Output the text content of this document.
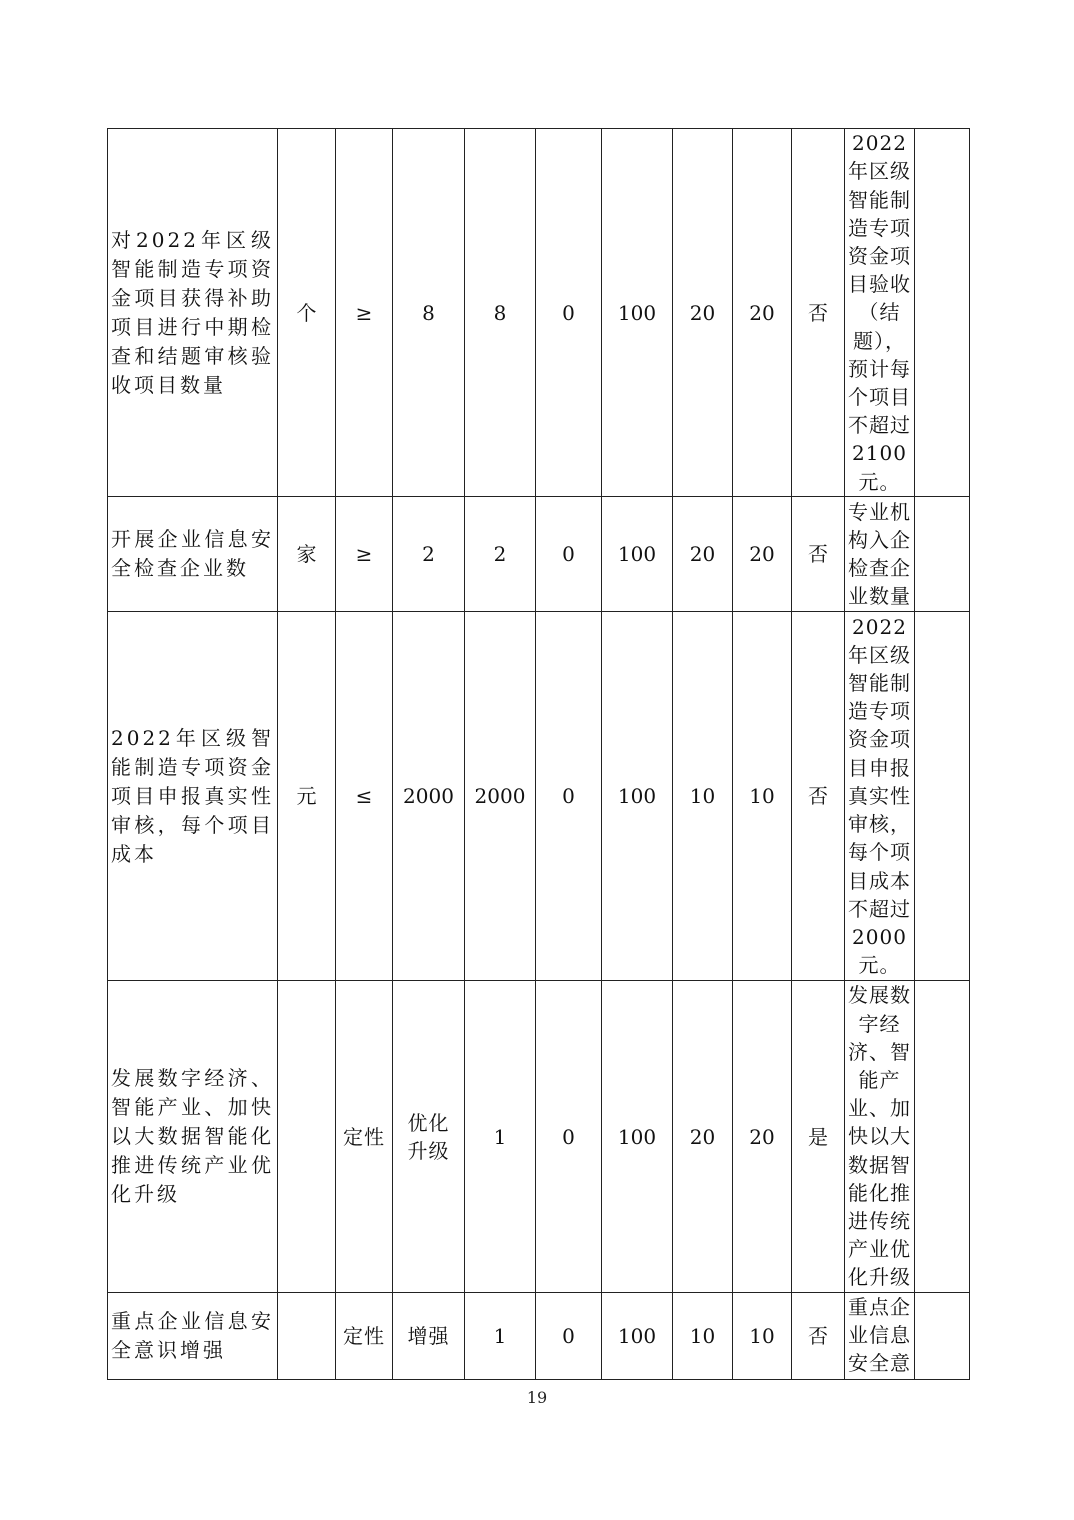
对2022年区级智能制造专项资金项目获得补助项目进行中期检查和结题审核验收项目数量	个	≥	8	8	0	100	20	20	否	2022年区级智能制造专项资金项目验收（结题），预计每个项目不超过2100元。	
开展企业信息安全检查企业数	家	≥	2	2	0	100	20	20	否	专业机构入企检查企业数量	
2022年区级智能制造专项资金项目申报真实性审核，每个项目成本	元	≤	2000	2000	0	100	10	10	否	2022年区级智能制造专项资金项目申报真实性审核，每个项目成本不超过2000元。	
发展数字经济、智能产业、加快以大数据智能化推进传统产业优化升级		定性	优化升级	1	0	100	20	20	是	发展数字经济、智能产业、加快以大数据智能化推进传统产业优化升级	
重点企业信息安全意识增强		定性	增强	1	0	100	10	10	否	重点企业信息安全意	
19
